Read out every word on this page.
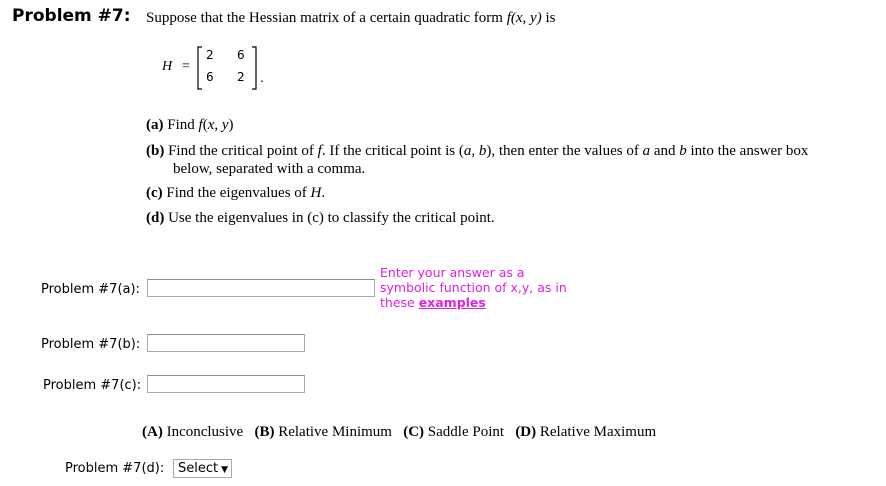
Problem #7: Suppose that the Hessian matrix of a certain quadratic form f(x, y) is
H =
2 6
6 2 .
(a) Find f(x, y)
(b) Find the critical point of f. If the critical point is (a, b), then enter the values of a and b into the answer box
below, separated with a comma.
(c) Find the eigenvalues of H.
(d) Use the eigenvalues in (c) to classify the critical point.
Problem #7(a):
Enter your answer as a
symbolic function of x,y, as in
these examples
Problem #7(b):
Problem #7(c):
(A) Inconclusive (B) Relative Minimum (C) Saddle Point (D) Relative Maximum
Problem #7(d):	Select ▼
